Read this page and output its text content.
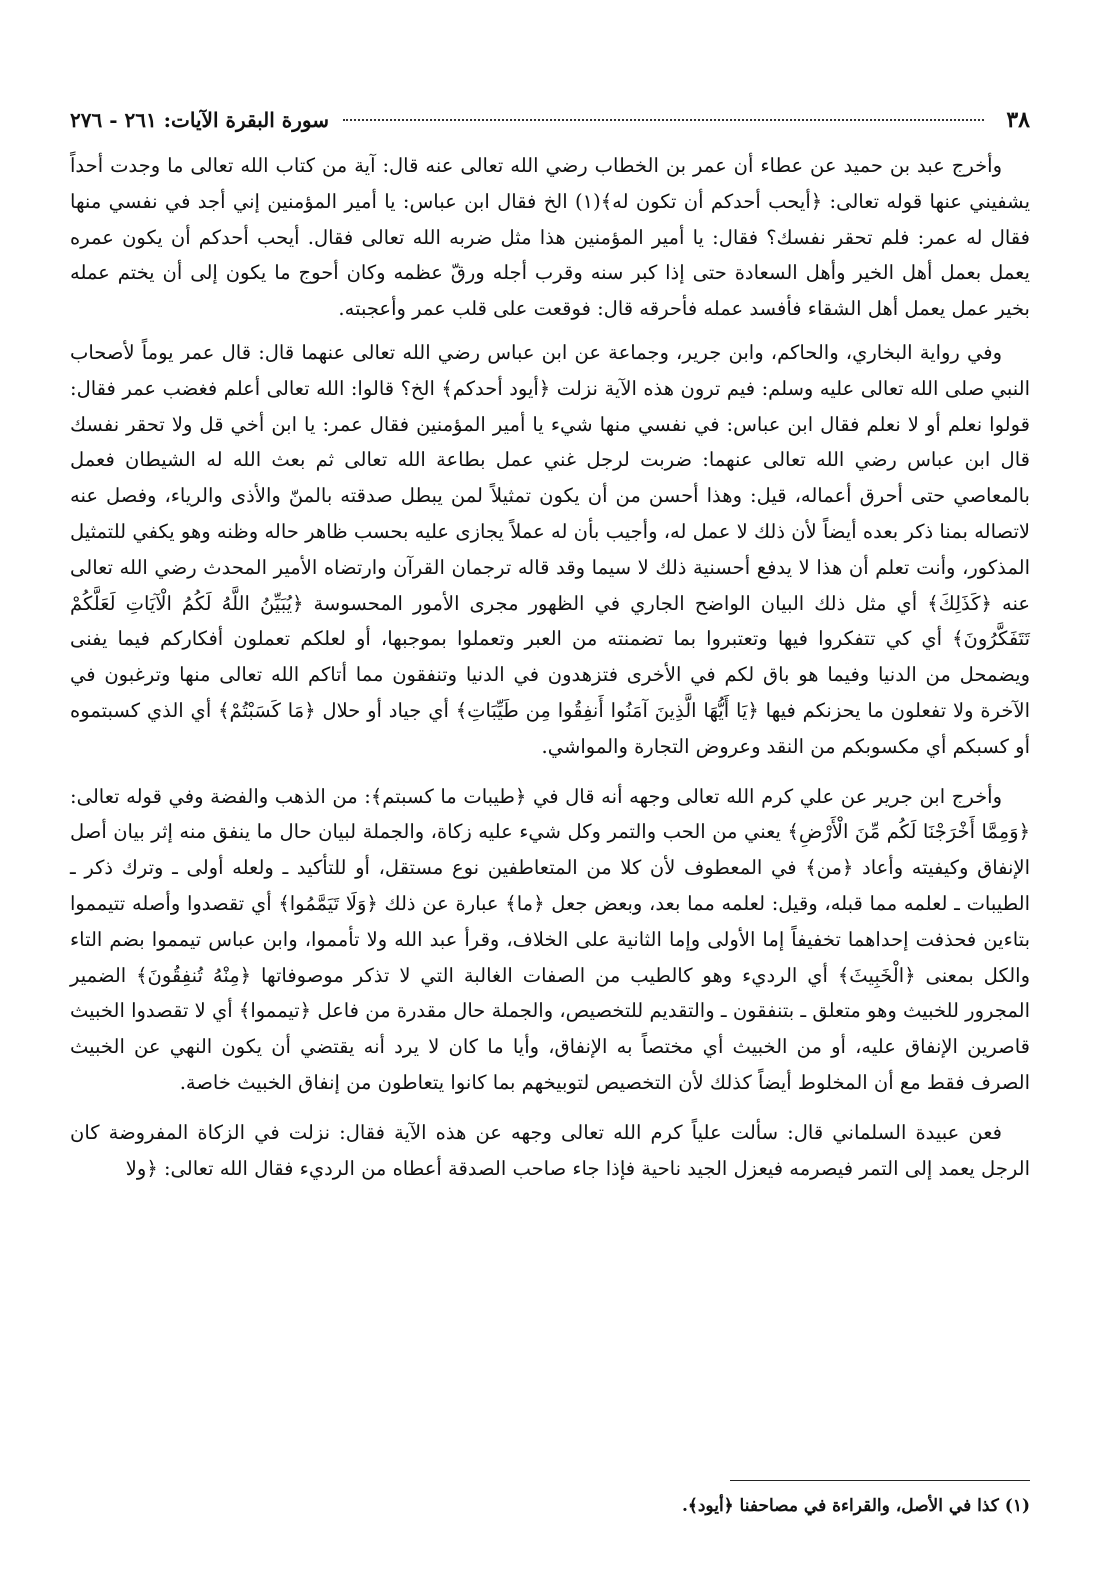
٣٨
سورة البقرة الآيات: ٢٦١ - ٢٧٦

وأخرج عبد بن حميد عن عطاء أن عمر بن الخطاب رضي الله تعالى عنه قال: آية من كتاب الله تعالى ما وجدت أحداً يشفيني عنها قوله تعالى: ﴿أيحب أحدكم أن تكون له﴾(١) الخ فقال ابن عباس: يا أمير المؤمنين إني أجد في نفسي منها فقال له عمر: فلم تحقر نفسك؟ فقال: يا أمير المؤمنين هذا مثل ضربه الله تعالى فقال. أيحب أحدكم أن يكون عمره يعمل بعمل أهل الخير وأهل السعادة حتى إذا كبر سنه وقرب أجله ورقّ عظمه وكان أحوج ما يكون إلى أن يختم عمله بخير عمل يعمل أهل الشقاء فأفسد عمله فأحرقه قال: فوقعت على قلب عمر وأعجبته.

وفي رواية البخاري، والحاكم، وابن جرير، وجماعة عن ابن عباس رضي الله تعالى عنهما قال: قال عمر يوماً لأصحاب النبي صلى الله تعالى عليه وسلم: فيم ترون هذه الآية نزلت ﴿أيود أحدكم﴾ الخ؟ قالوا: الله تعالى أعلم فغضب عمر فقال: قولوا نعلم أو لا نعلم فقال ابن عباس: في نفسي منها شيء يا أمير المؤمنين فقال عمر: يا ابن أخي قل ولا تحقر نفسك قال ابن عباس رضي الله تعالى عنهما: ضربت لرجل غني عمل بطاعة الله تعالى ثم بعث الله له الشيطان فعمل بالمعاصي حتى أحرق أعماله، قيل: وهذا أحسن من أن يكون تمثيلاً لمن يبطل صدقته بالمنّ والأذى والرياء، وفصل عنه لاتصاله بمنا ذكر بعده أيضاً لأن ذلك لا عمل له، وأجيب بأن له عملاً يجازى عليه بحسب ظاهر حاله وظنه وهو يكفي للتمثيل المذكور، وأنت تعلم أن هذا لا يدفع أحسنية ذلك لا سيما وقد قاله ترجمان القرآن وارتضاه الأمير المحدث رضي الله تعالى عنه ﴿كَذَلِكَ﴾ أي مثل ذلك البيان الواضح الجاري في الظهور مجرى الأمور المحسوسة ﴿يُبَيِّنُ اللَّهُ لَكُمُ الْآيَاتِ لَعَلَّكُمْ تَتَفَكَّرُونَ﴾ أي كي تتفكروا فيها وتعتبروا بما تضمنته من العبر وتعملوا بموجبها، أو لعلكم تعملون أفكاركم فيما يفنى ويضمحل من الدنيا وفيما هو باق لكم في الأخرى فتزهدون في الدنيا وتنفقون مما أتاكم الله تعالى منها وترغبون في الآخرة ولا تفعلون ما يحزنكم فيها ﴿يَا أَيُّهَا الَّذِينَ آمَنُوا أَنفِقُوا مِن طَيِّبَاتِ﴾ أي جياد أو حلال ﴿مَا كَسَبْتُمْ﴾ أي الذي كسبتموه أو كسبكم أي مكسوبكم من النقد وعروض التجارة والمواشي.

وأخرج ابن جرير عن علي كرم الله تعالى وجهه أنه قال في ﴿طيبات ما كسبتم﴾: من الذهب والفضة وفي قوله تعالى: ﴿وَمِمَّا أَخْرَجْنَا لَكُم مِّنَ الْأَرْضِ﴾ يعني من الحب والتمر وكل شيء عليه زكاة، والجملة لبيان حال ما ينفق منه إثر بيان أصل الإنفاق وكيفيته وأعاد ﴿من﴾ في المعطوف لأن كلا من المتعاطفين نوع مستقل، أو للتأكيد ـ ولعله أولى ـ وترك ذكر ـ الطيبات ـ لعلمه مما قبله، وقيل: لعلمه مما بعد، وبعض جعل ﴿ما﴾ عبارة عن ذلك ﴿وَلَا تَيَمَّمُوا﴾ أي تقصدوا وأصله تتيمموا بتاءين فحذفت إحداهما تخفيفاً إما الأولى وإما الثانية على الخلاف، وقرأ عبد الله ولا تأمموا، وابن عباس تيمموا بضم التاء والكل بمعنى ﴿الْخَبِيثَ﴾ أي الرديء وهو كالطيب من الصفات الغالبة التي لا تذكر موصوفاتها ﴿مِنْهُ تُنفِقُونَ﴾ الضمير المجرور للخبيث وهو متعلق ـ بتنفقون ـ والتقديم للتخصيص، والجملة حال مقدرة من فاعل ﴿تيمموا﴾ أي لا تقصدوا الخبيث قاصرين الإنفاق عليه، أو من الخبيث أي مختصاً به الإنفاق، وأيا ما كان لا يرد أنه يقتضي أن يكون النهي عن الخبيث الصرف فقط مع أن المخلوط أيضاً كذلك لأن التخصيص لتوبيخهم بما كانوا يتعاطون من إنفاق الخبيث خاصة.

فعن عبيدة السلماني قال: سألت علياً كرم الله تعالى وجهه عن هذه الآية فقال: نزلت في الزكاة المفروضة كان الرجل يعمد إلى التمر فيصرمه فيعزل الجيد ناحية فإذا جاء صاحب الصدقة أعطاه من الرديء فقال الله تعالى: ﴿ولا

(١) كذا في الأصل، والقراءة في مصاحفنا ﴿أيود﴾.
